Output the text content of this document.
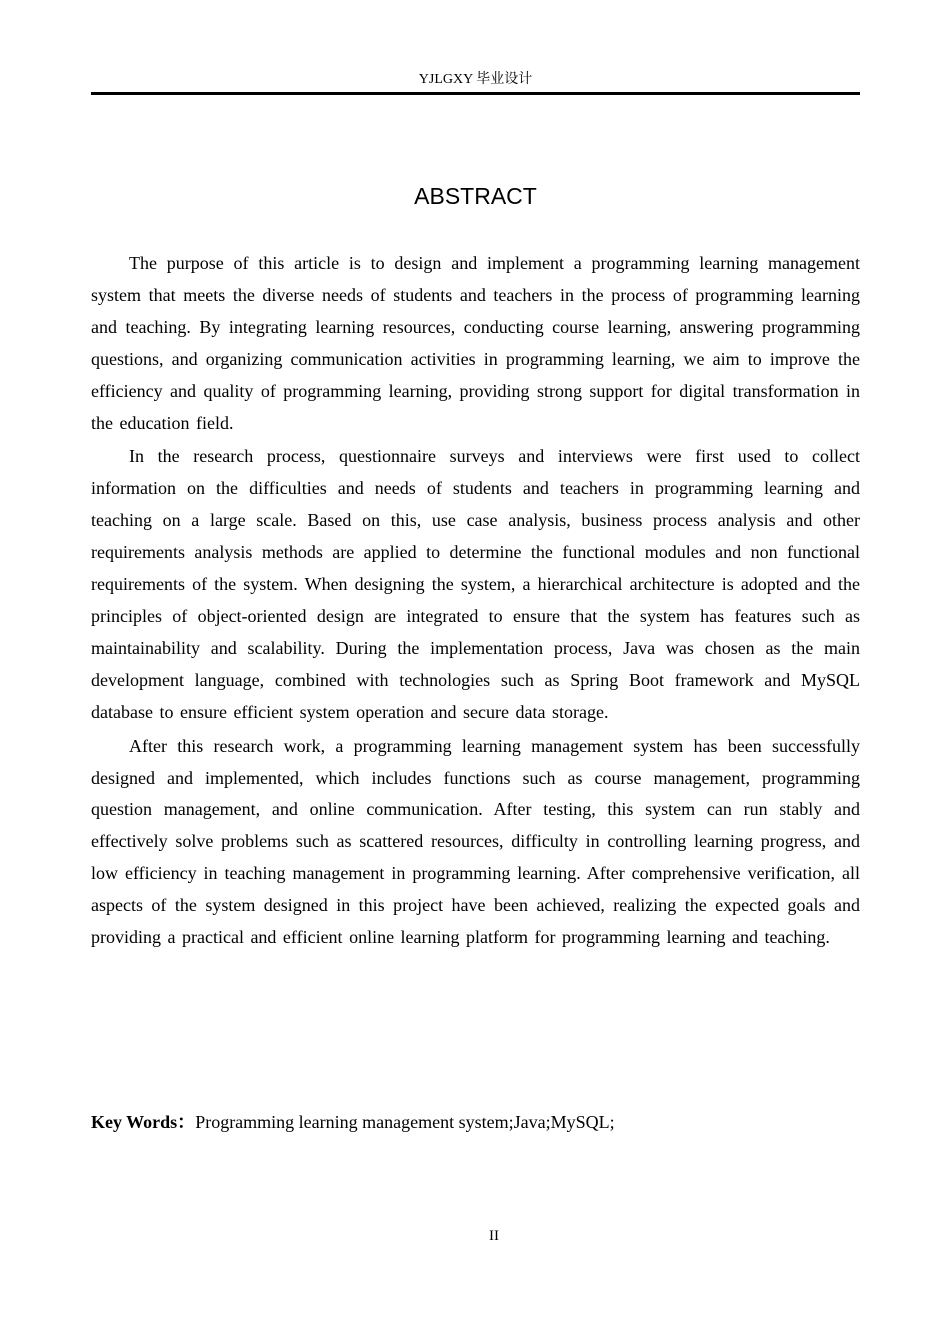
YJLGXY 毕业设计
ABSTRACT

The purpose of this article is to design and implement a programming learning management system that meets the diverse needs of students and teachers in the process of programming learning and teaching. By integrating learning resources, conducting course learning, answering programming questions, and organizing communication activities in programming learning, we aim to improve the efficiency and quality of programming learning, providing strong support for digital transformation in the education field.

In the research process, questionnaire surveys and interviews were first used to collect information on the difficulties and needs of students and teachers in programming learning and teaching on a large scale. Based on this, use case analysis, business process analysis and other requirements analysis methods are applied to determine the functional modules and non functional requirements of the system. When designing the system, a hierarchical architecture is adopted and the principles of object-oriented design are integrated to ensure that the system has features such as maintainability and scalability. During the implementation process, Java was chosen as the main development language, combined with technologies such as Spring Boot framework and MySQL database to ensure efficient system operation and secure data storage.

After this research work, a programming learning management system has been successfully designed and implemented, which includes functions such as course management, programming question management, and online communication. After testing, this system can run stably and effectively solve problems such as scattered resources, difficulty in controlling learning progress, and low efficiency in teaching management in programming learning. After comprehensive verification, all aspects of the system designed in this project have been achieved, realizing the expected goals and providing a practical and efficient online learning platform for programming learning and teaching.

Key Words：Programming learning management system;Java;MySQL;
II
